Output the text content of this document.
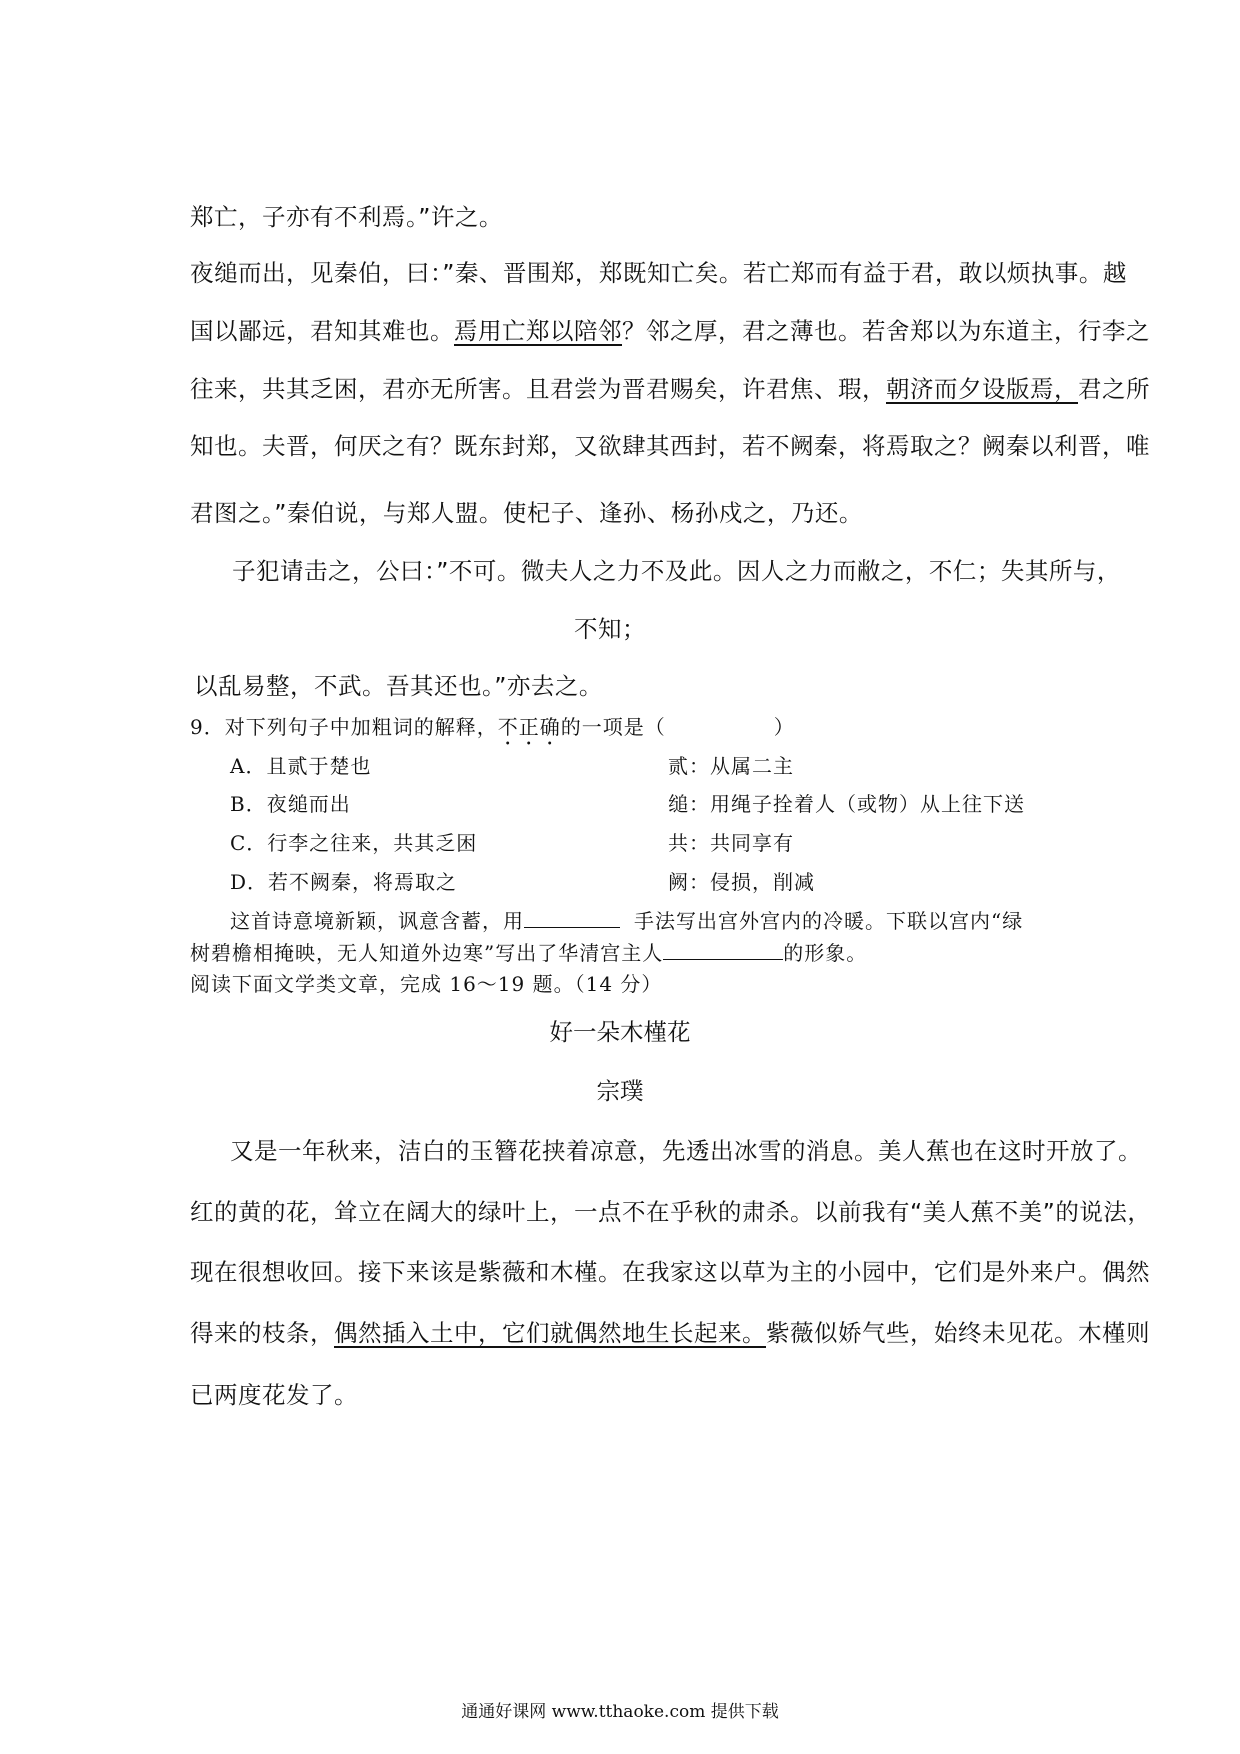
郑亡，子亦有不利焉。”许之。
夜缒而出，见秦伯，曰：”秦、晋围郑，郑既知亡矣。若亡郑而有益于君，敢以烦执事。越
国以鄙远，君知其难也。焉用亡郑以陪邻？邻之厚，君之薄也。若舍郑以为东道主，行李之
往来，共其乏困，君亦无所害。且君尝为晋君赐矣，许君焦、瑕，朝济而夕设版焉，君之所
知也。夫晋，何厌之有？既东封郑，又欲肆其西封，若不阙秦，将焉取之？阙秦以利晋，唯
君图之。”秦伯说，与郑人盟。使杞子、逢孙、杨孙戍之，乃还。
子犯请击之，公曰：”不可。微夫人之力不及此。因人之力而敝之，不仁；失其所与，
不知；
以乱易整，不武。吾其还也。”亦去之。
9．对下列句子中加粗词的解释，不正确的一项是（	）
A．且贰于楚也	贰：从属二主
B．夜缒而出	缒：用绳子拴着人（或物）从上往下送
C．行李之往来，共其乏困	共：共同享有
D．若不阙秦，将焉取之	阙：侵损，削减
这首诗意境新颖，讽意含蓄，用	手法写出宫外宫内的冷暖。下联以宫内“绿
树碧檐相掩映，无人知道外边寒”写出了华清宫主人	的形象。
阅读下面文学类文章，完成 16～19 题。（14 分）
好一朵木槿花
宗璞
又是一年秋来，洁白的玉簪花挟着凉意，先透出冰雪的消息。美人蕉也在这时开放了。
红的黄的花，耸立在阔大的绿叶上，一点不在乎秋的肃杀。以前我有“美人蕉不美”的说法，
现在很想收回。接下来该是紫薇和木槿。在我家这以草为主的小园中，它们是外来户。偶然
得来的枝条，偶然插入土中，它们就偶然地生长起来。紫薇似娇气些，始终未见花。木槿则
已两度花发了。
通通好课网 www.tthaoke.com 提供下载
